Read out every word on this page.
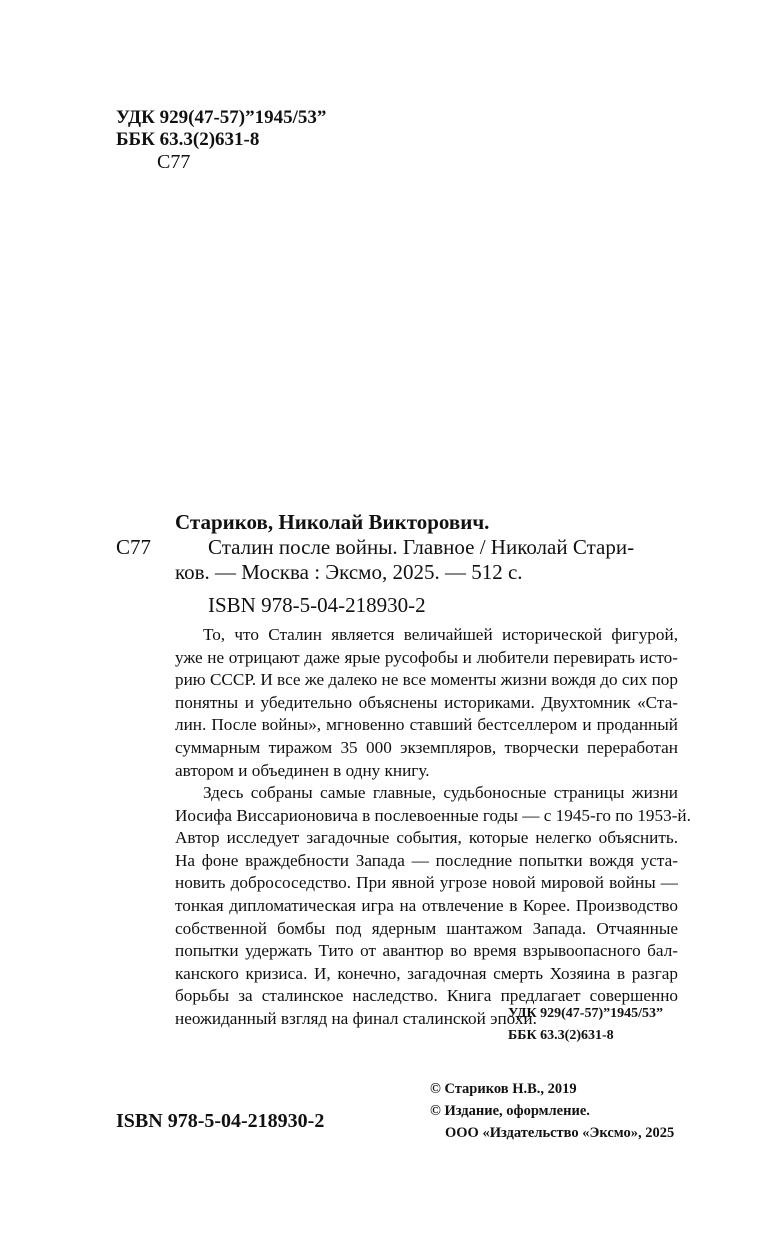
УДК 929(47-57)”1945/53”
ББК 63.3(2)631-8
С77
Стариков, Николай Викторович.
С77	Сталин после войны. Главное / Николай Стари-
ков. — Москва : Эксмо, 2025. — 512 с.
ISBN 978-5-04-218930-2
То, что Сталин является величайшей исторической фигурой,
уже не отрицают даже ярые русофобы и любители перевирать исто-
рию СССР. И все же далеко не все моменты жизни вождя до сих пор
понятны и убедительно объяснены историками. Двухтомник «Ста-
лин. После войны», мгновенно ставший бестселлером и проданный
суммарным тиражом 35 000 экземпляров, творчески переработан
автором и объединен в одну книгу.
Здесь собраны самые главные, судьбоносные страницы жизни
Иосифа Виссарионовича в послевоенные годы — с 1945-го по 1953-й.
Автор исследует загадочные события, которые нелегко объяснить.
На фоне враждебности Запада — последние попытки вождя уста-
новить добрососедство. При явной угрозе новой мировой войны —
тонкая дипломатическая игра на отвлечение в Корее. Производство
собственной бомбы под ядерным шантажом Запада. Отчаянные
попытки удержать Тито от авантюр во время взрывоопасного бал-
канского кризиса. И, конечно, загадочная смерть Хозяина в разгар
борьбы за сталинское наследство. Книга предлагает совершенно
неожиданный взгляд на финал сталинской эпохи.
УДК 929(47-57)”1945/53”
ББК 63.3(2)631-8
© Стариков Н.В., 2019
© Издание, оформление.
ООО «Издательство «Эксмо», 2025
ISBN 978-5-04-218930-2
